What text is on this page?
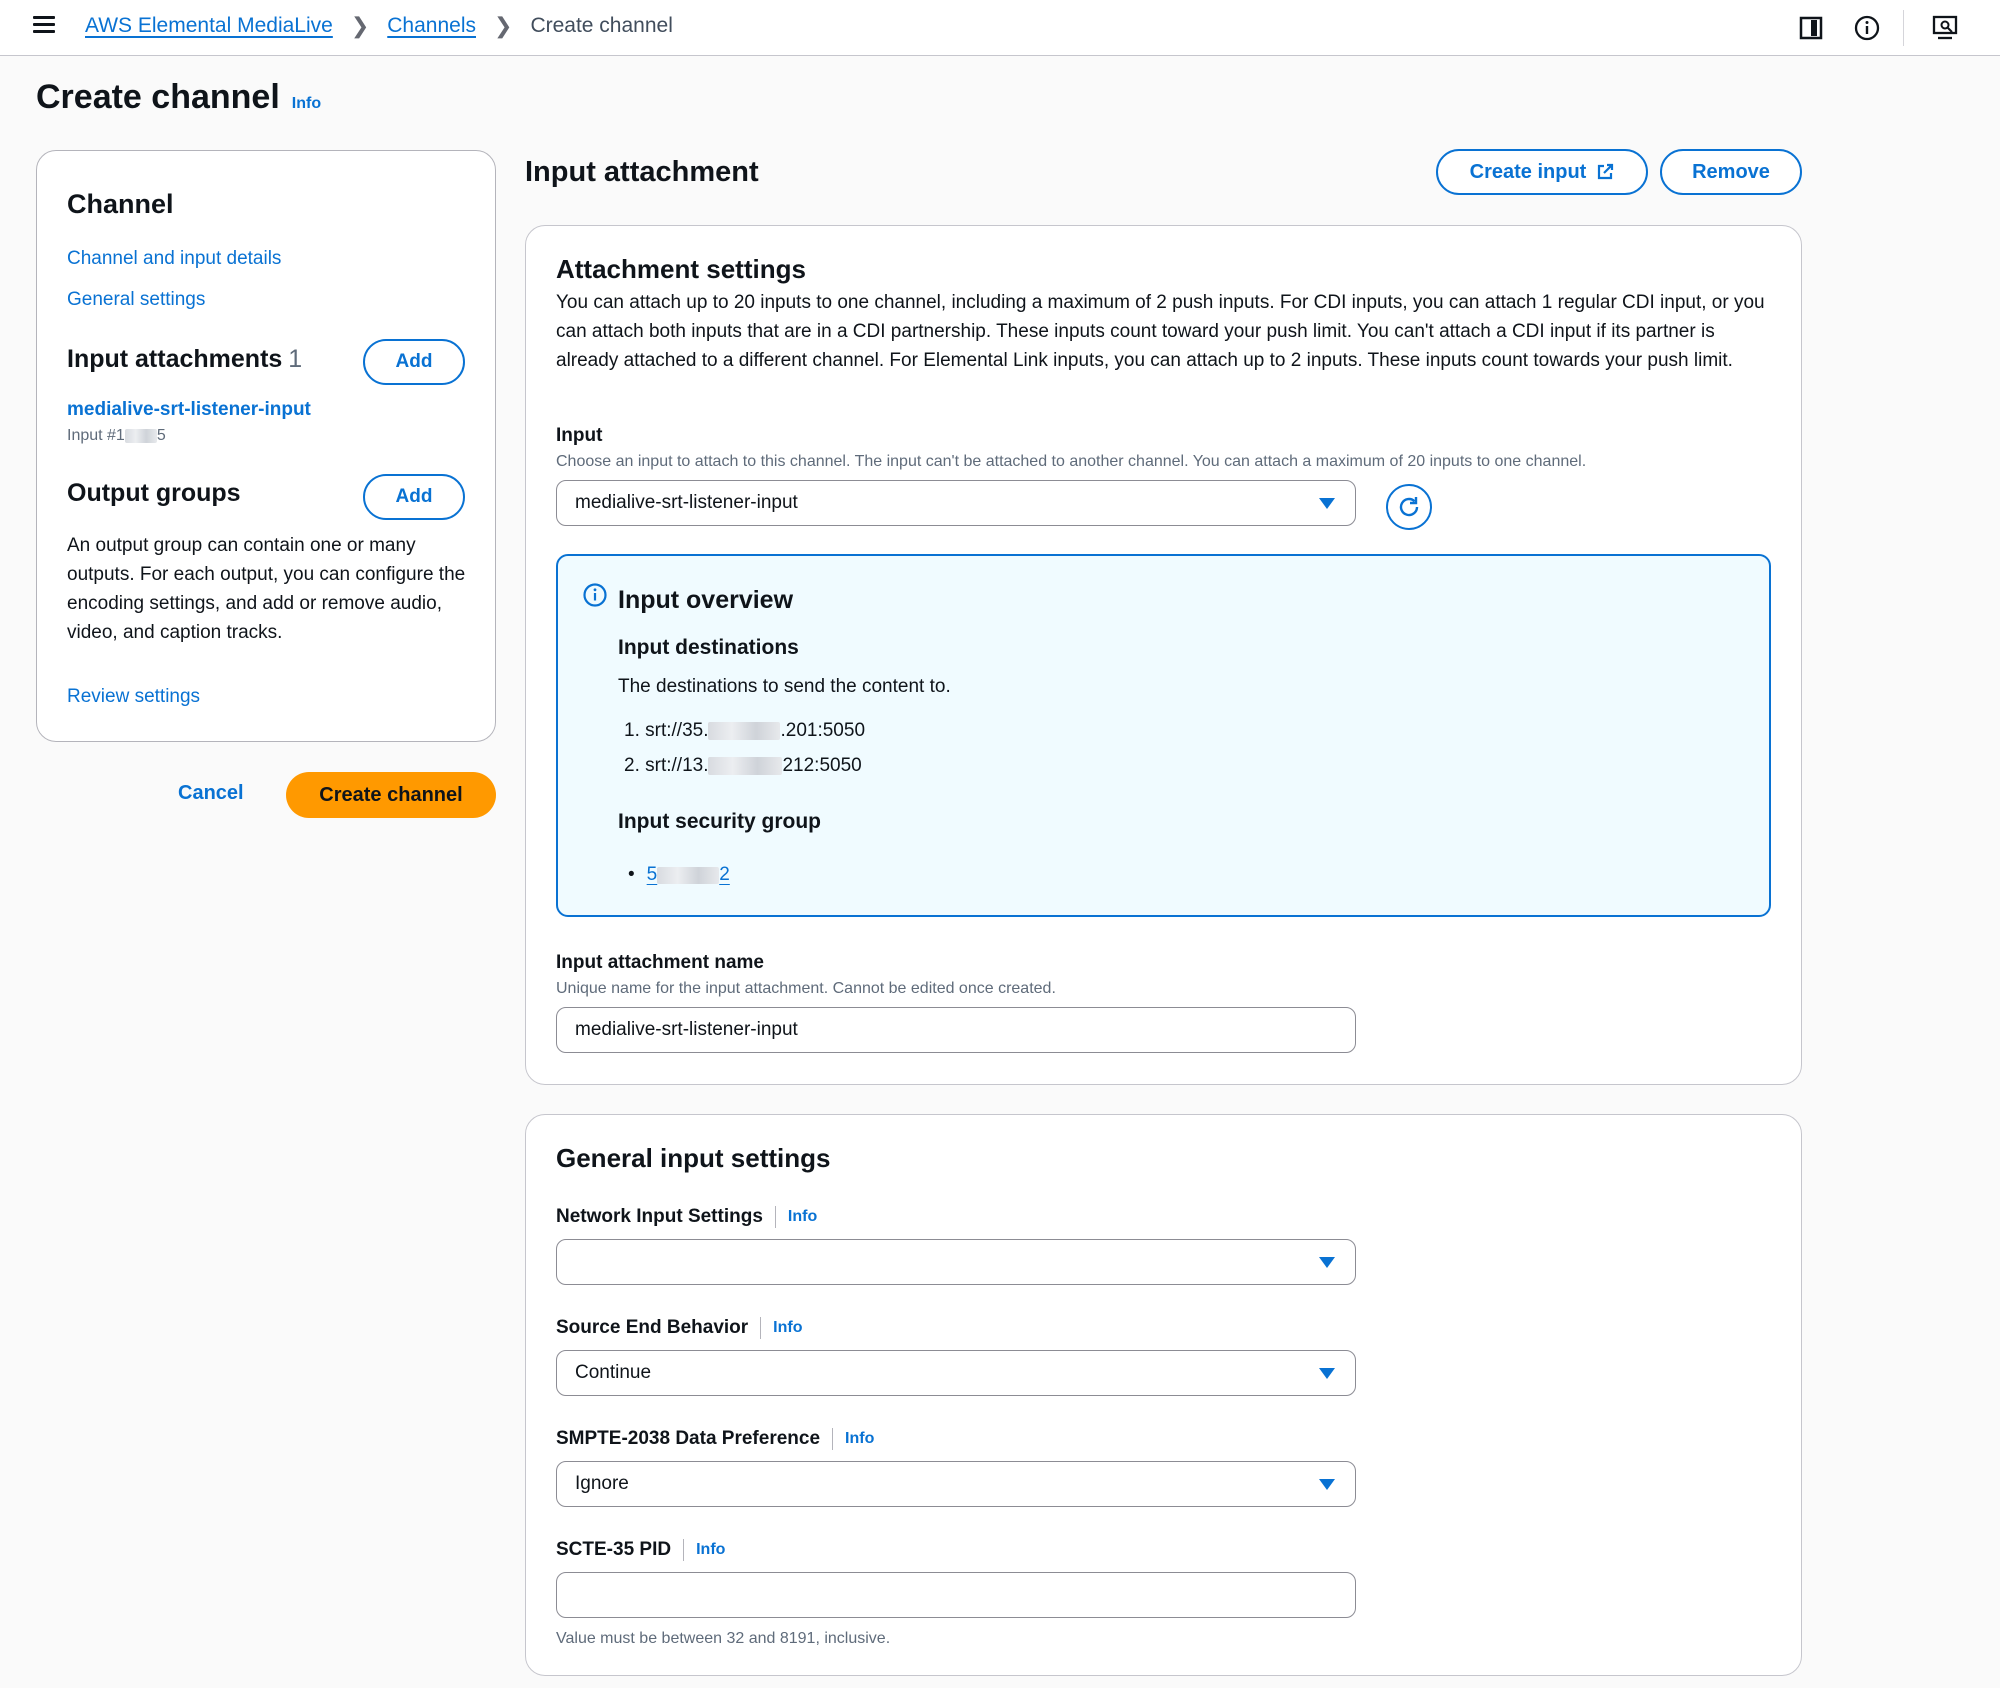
AWS Elemental MediaLive ❯ Channels ❯ Create channel
Create channel Info
Channel
Channel and input details
General settings
Input attachments 1	Add
medialive-srt-listener-input
Input #1 5
Output groups	Add
An output group can contain one or many outputs. For each output, you can configure the encoding settings, and add or remove audio, video, and caption tracks.
Review settings
Cancel	Create channel
Input attachment	Create input	Remove
Attachment settings
You can attach up to 20 inputs to one channel, including a maximum of 2 push inputs. For CDI inputs, you can attach 1 regular CDI input, or you can attach both inputs that are in a CDI partnership. These inputs count toward your push limit. You can't attach a CDI input if its partner is already attached to a different channel. For Elemental Link inputs, you can attach up to 2 inputs. These inputs count towards your push limit.
Input
Choose an input to attach to this channel. The input can't be attached to another channel. You can attach a maximum of 20 inputs to one channel.
medialive-srt-listener-input
Input overview
Input destinations
The destinations to send the content to.
1. srt://35.	.201:5050
2. srt://13.	212:5050
Input security group
• 5	2
Input attachment name
Unique name for the input attachment. Cannot be edited once created.
medialive-srt-listener-input
General input settings
Network Input Settings Info
Source End Behavior Info
Continue
SMPTE-2038 Data Preference Info
Ignore
SCTE-35 PID Info
Value must be between 32 and 8191, inclusive.
